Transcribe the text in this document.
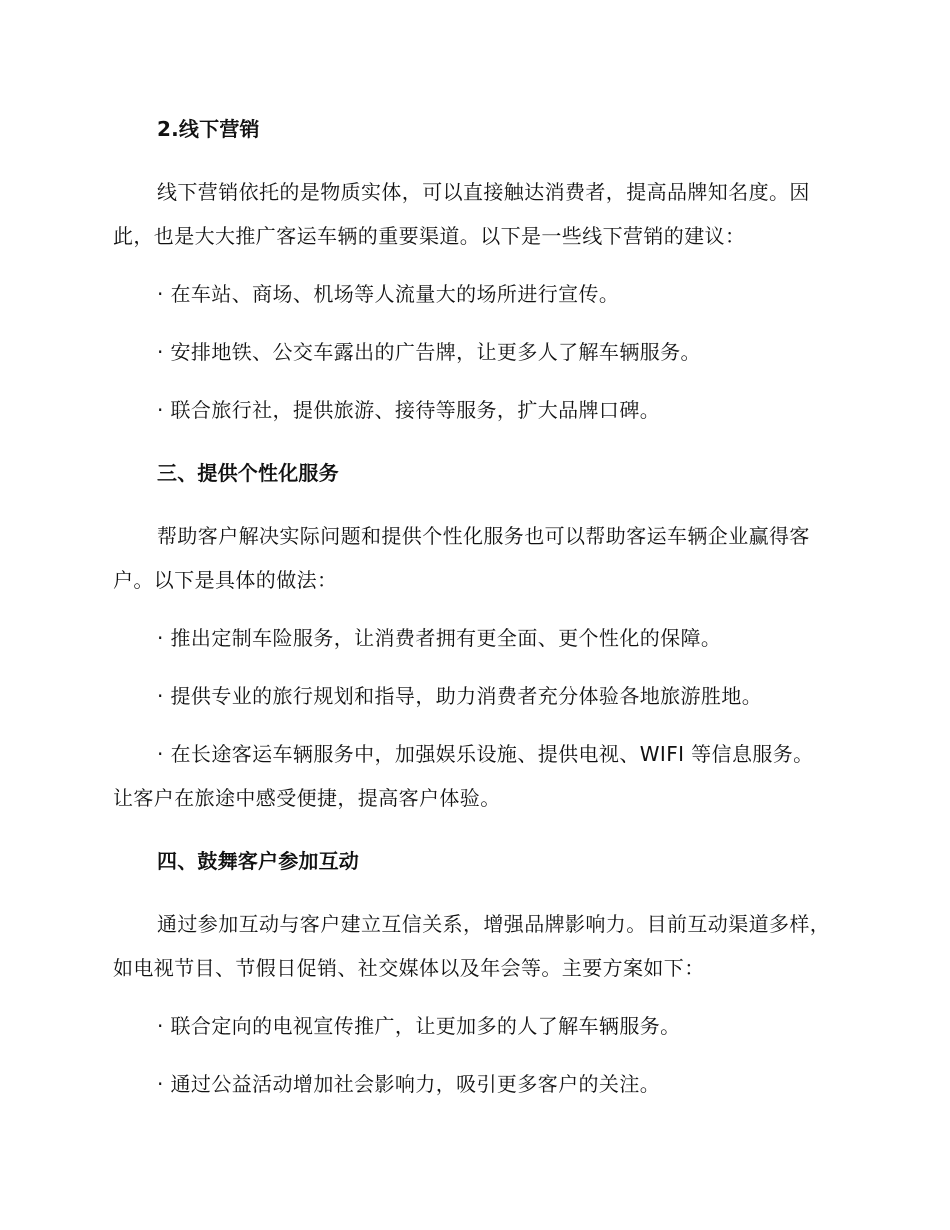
2.线下营销

线下营销依托的是物质实体，可以直接触达消费者，提高品牌知名度。因此，也是大大推广客运车辆的重要渠道。以下是一些线下营销的建议：

· 在车站、商场、机场等人流量大的场所进行宣传。

· 安排地铁、公交车露出的广告牌，让更多人了解车辆服务。

· 联合旅行社，提供旅游、接待等服务，扩大品牌口碑。

三、提供个性化服务

帮助客户解决实际问题和提供个性化服务也可以帮助客运车辆企业赢得客户。以下是具体的做法：

· 推出定制车险服务，让消费者拥有更全面、更个性化的保障。

· 提供专业的旅行规划和指导，助力消费者充分体验各地旅游胜地。

· 在长途客运车辆服务中，加强娱乐设施、提供电视、WIFI 等信息服务。让客户在旅途中感受便捷，提高客户体验。

四、鼓舞客户参加互动

通过参加互动与客户建立互信关系，增强品牌影响力。目前互动渠道多样，如电视节目、节假日促销、社交媒体以及年会等。主要方案如下：

· 联合定向的电视宣传推广，让更加多的人了解车辆服务。

· 通过公益活动增加社会影响力，吸引更多客户的关注。
